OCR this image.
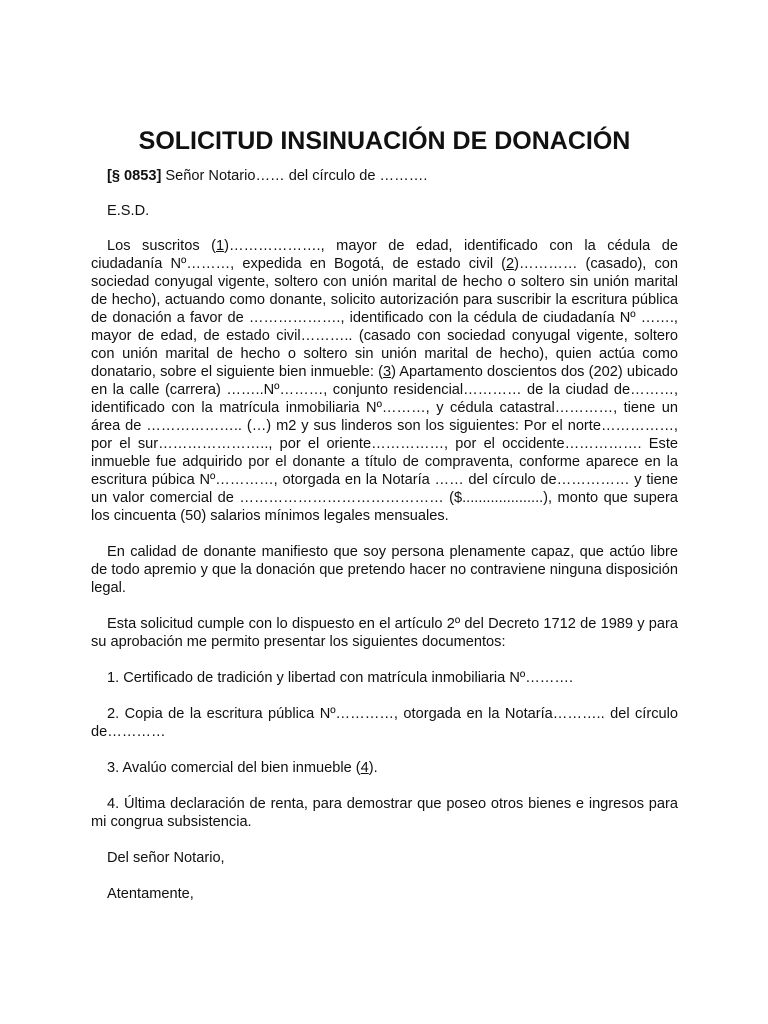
SOLICITUD INSINUACIÓN DE DONACIÓN

[§ 0853] Señor Notario…… del círculo de ……….

E.S.D.

Los suscritos (1)………………., mayor de edad, identificado con la cédula de ciudadanía Nº………, expedida en Bogotá, de estado civil (2)………… (casado), con sociedad conyugal vigente, soltero con unión marital de hecho o soltero sin unión marital de hecho), actuando como donante, solicito autorización para suscribir la escritura pública de donación a favor de ………………., identificado con la cédula de ciudadanía Nº ……., mayor de edad, de estado civil……….. (casado con sociedad conyugal vigente, soltero con unión marital de hecho o soltero sin unión marital de hecho), quien actúa como donatario, sobre el siguiente bien inmueble: (3) Apartamento doscientos dos (202) ubicado en la calle (carrera) ……..Nº………, conjunto residencial………… de la ciudad de………, identificado con la matrícula inmobiliaria Nº………, y cédula catastral…………, tiene un área de ……………….. (…) m2 y sus linderos son los siguientes: Por el norte……………, por el sur………………….., por el oriente……………, por el occidente……………. Este inmueble fue adquirido por el donante a título de compraventa, conforme aparece en la escritura púbica Nº…………, otorgada en la Notaría …… del círculo de…………… y tiene un valor comercial de …………………………………… ($....................), monto que supera los cincuenta (50) salarios mínimos legales mensuales.

En calidad de donante manifiesto que soy persona plenamente capaz, que actúo libre de todo apremio y que la donación que pretendo hacer no contraviene ninguna disposición legal.

Esta solicitud cumple con lo dispuesto en el artículo 2º del Decreto 1712 de 1989 y para su aprobación me permito presentar los siguientes documentos:

1. Certificado de tradición y libertad con matrícula inmobiliaria Nº……….

2. Copia de la escritura pública Nº…………, otorgada en la Notaría……….. del círculo de…………

3. Avalúo comercial del bien inmueble (4).

4. Última declaración de renta, para demostrar que poseo otros bienes e ingresos para mi congrua subsistencia.

Del señor Notario,

Atentamente,
